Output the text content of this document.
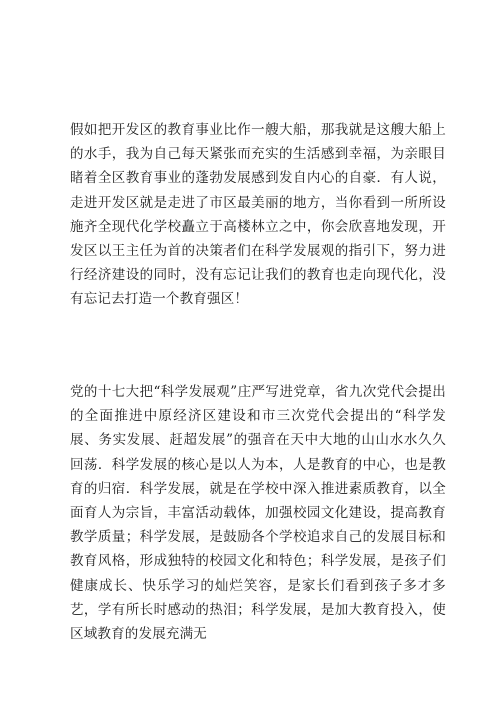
假如把开发区的教育事业比作一艘大船，那我就是这艘大船上的水手，我为自己每天紧张而充实的生活感到幸福，为亲眼目睹着全区教育事业的蓬勃发展感到发自内心的自豪．有人说，走进开发区就是走进了市区最美丽的地方，当你看到一所所设施齐全现代化学校矗立于高楼林立之中，你会欣喜地发现，开发区以王主任为首的决策者们在科学发展观的指引下，努力进行经济建设的同时，没有忘记让我们的教育也走向现代化，没有忘记去打造一个教育强区！

党的十七大把“科学发展观”庄严写进党章，省九次党代会提出的全面推进中原经济区建设和市三次党代会提出的“科学发展、务实发展、赶超发展”的强音在天中大地的山山水水久久回荡．科学发展的核心是以人为本，人是教育的中心，也是教育的归宿．科学发展，就是在学校中深入推进素质教育，以全面育人为宗旨，丰富活动载体，加强校园文化建设，提高教育教学质量；科学发展，是鼓励各个学校追求自己的发展目标和教育风格，形成独特的校园文化和特色；科学发展，是孩子们健康成长、快乐学习的灿烂笑容，是家长们看到孩子多才多艺，学有所长时感动的热泪；科学发展，是加大教育投入，使区域教育的发展充满无
